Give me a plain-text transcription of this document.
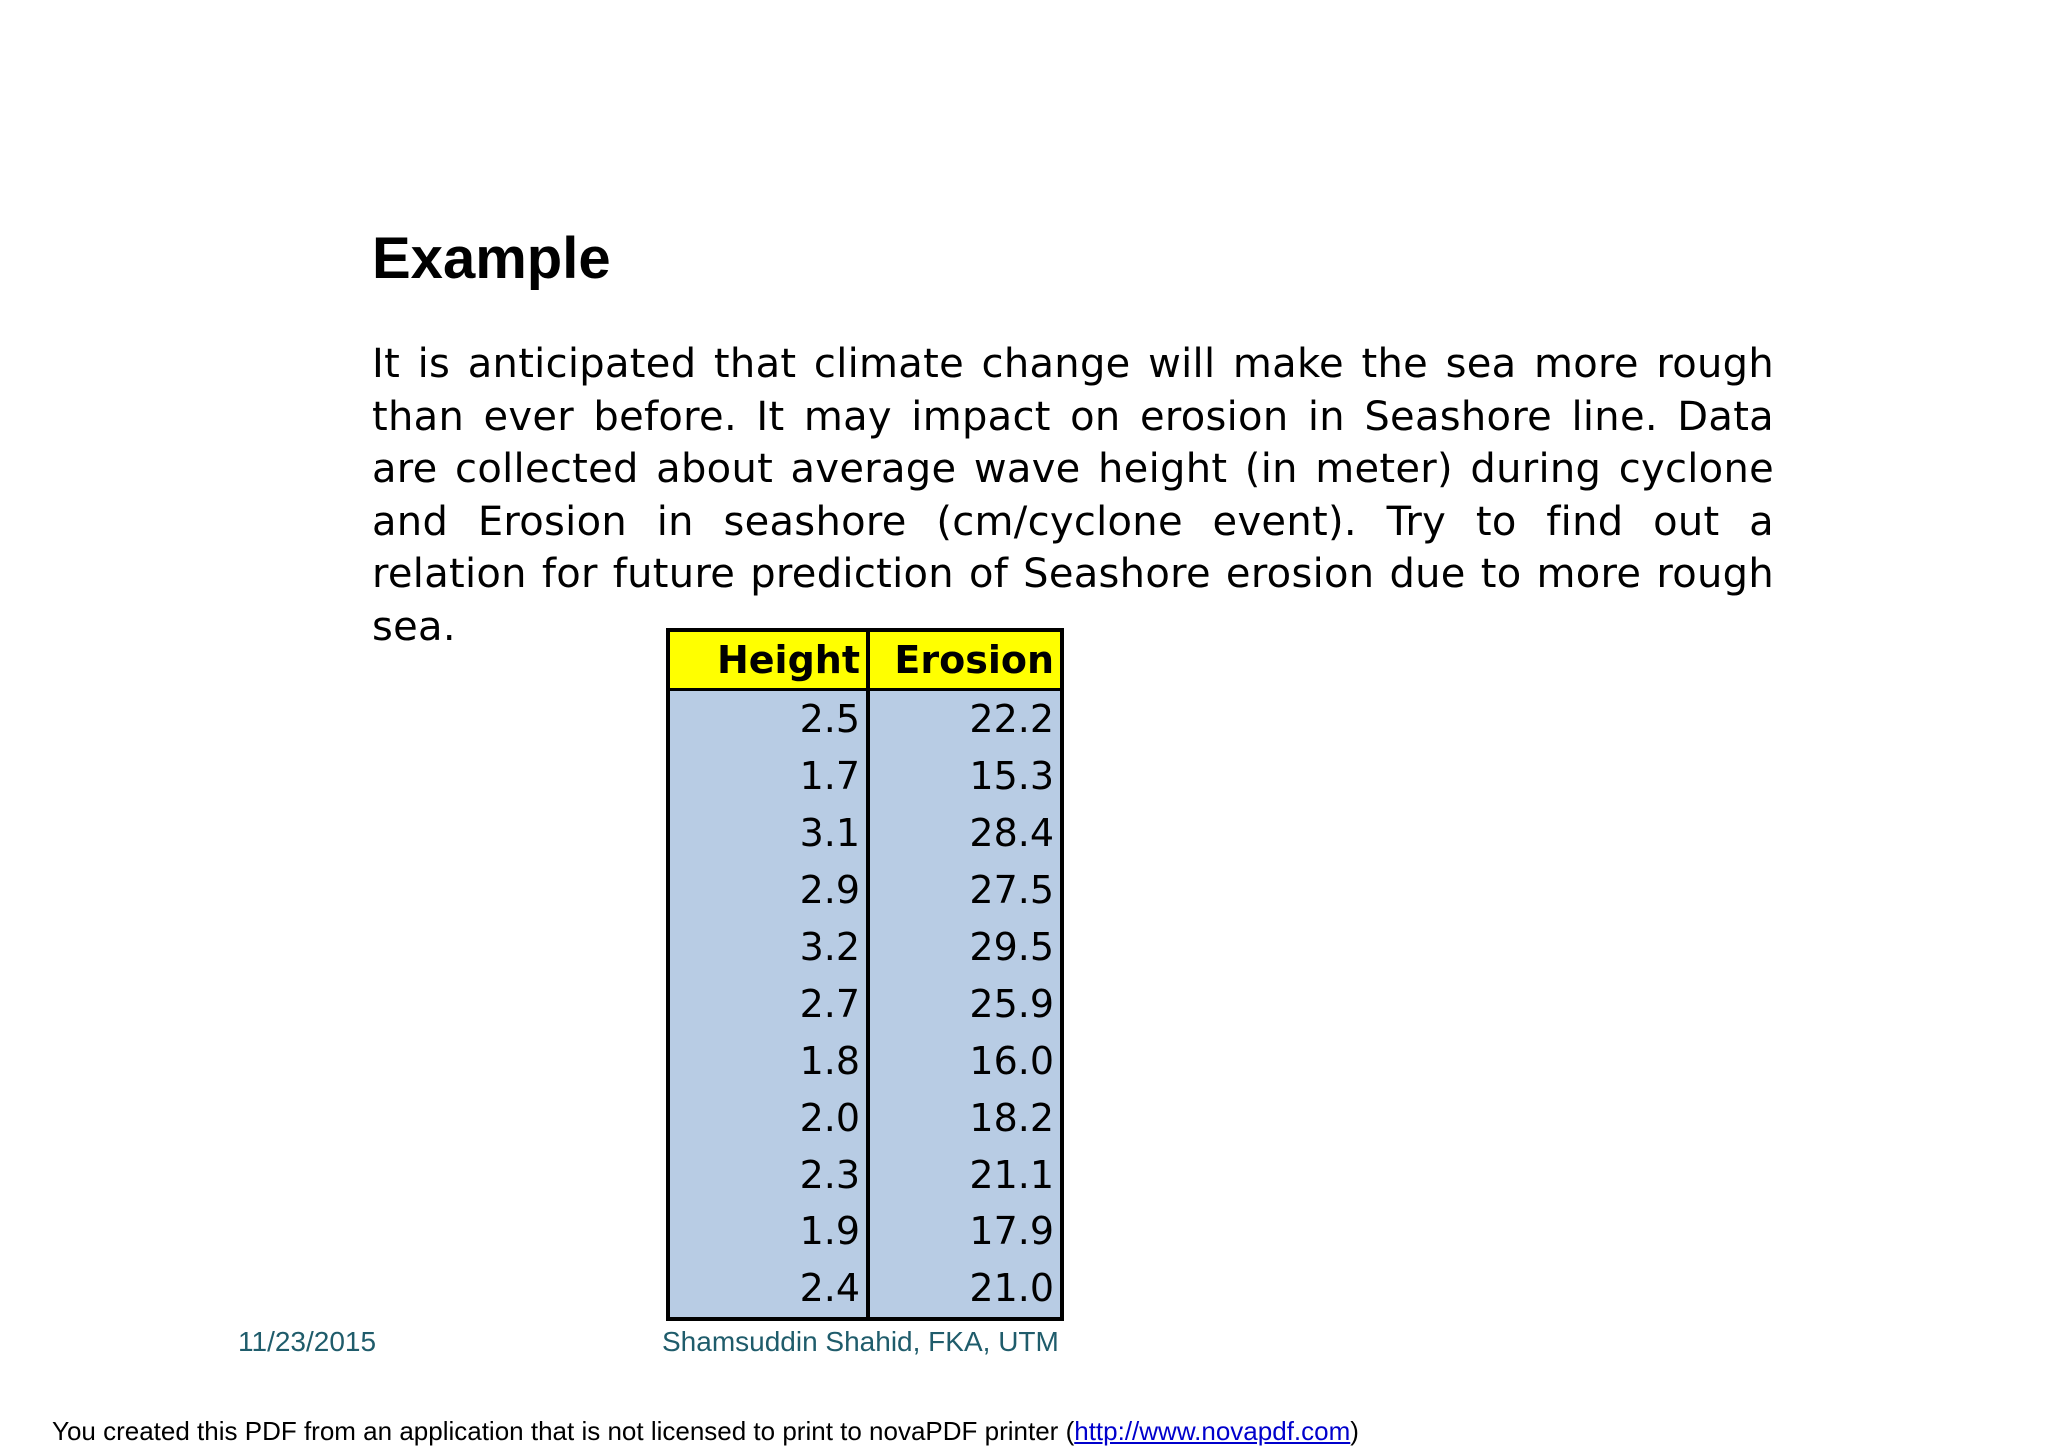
Example

It is anticipated that climate change will make the sea more rough than ever before. It may impact on erosion in Seashore line. Data are collected about average wave height (in meter) during cyclone and Erosion in seashore (cm/cyclone event). Try to find out a relation for future prediction of Seashore erosion due to more rough sea.

Height	Erosion
2.5	22.2
1.7	15.3
3.1	28.4
2.9	27.5
3.2	29.5
2.7	25.9
1.8	16.0
2.0	18.2
2.3	21.1
1.9	17.9
2.4	21.0
11/23/2015	Shamsuddin Shahid, FKA, UTM
You created this PDF from an application that is not licensed to print to novaPDF printer (http://www.novapdf.com)
